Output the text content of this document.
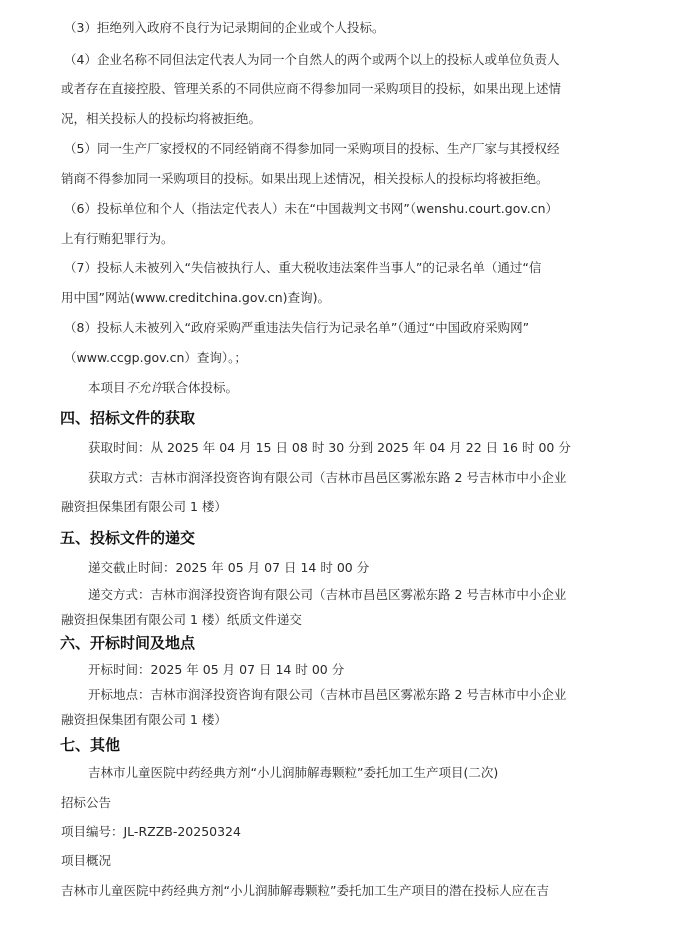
（3）拒绝列入政府不良行为记录期间的企业或个人投标。
（4）企业名称不同但法定代表人为同一个自然人的两个或两个以上的投标人或单位负责人
或者存在直接控股、管理关系的不同供应商不得参加同一采购项目的投标，如果出现上述情
况，相关投标人的投标均将被拒绝。
（5）同一生产厂家授权的不同经销商不得参加同一采购项目的投标、生产厂家与其授权经
销商不得参加同一采购项目的投标。如果出现上述情况，相关投标人的投标均将被拒绝。
（6）投标单位和个人（指法定代表人）未在“中国裁判文书网”（wenshu.court.gov.cn）
上有行贿犯罪行为。
（7）投标人未被列入“失信被执行人、重大税收违法案件当事人”的记录名单（通过“信
用中国”网站(www.creditchina.gov.cn)查询)。
（8）投标人未被列入“政府采购严重违法失信行为记录名单”（通过“中国政府采购网”
（www.ccgp.gov.cn）查询）。；
本项目不允许联合体投标。
四、招标文件的获取
获取时间：从 2025 年 04 月 15 日 08 时 30 分到 2025 年 04 月 22 日 16 时 00 分
获取方式：吉林市润泽投资咨询有限公司（吉林市昌邑区雾凇东路 2 号吉林市中小企业
融资担保集团有限公司 1 楼）
五、投标文件的递交
递交截止时间：2025 年 05 月 07 日 14 时 00 分
递交方式：吉林市润泽投资咨询有限公司（吉林市昌邑区雾凇东路 2 号吉林市中小企业
融资担保集团有限公司 1 楼）纸质文件递交
六、开标时间及地点
开标时间：2025 年 05 月 07 日 14 时 00 分
开标地点：吉林市润泽投资咨询有限公司（吉林市昌邑区雾凇东路 2 号吉林市中小企业
融资担保集团有限公司 1 楼）
七、其他
吉林市儿童医院中药经典方剂“小儿润肺解毒颗粒”委托加工生产项目(二次)
招标公告
项目编号：JL-RZZB-20250324
项目概况
吉林市儿童医院中药经典方剂“小儿润肺解毒颗粒”委托加工生产项目的潜在投标人应在吉
